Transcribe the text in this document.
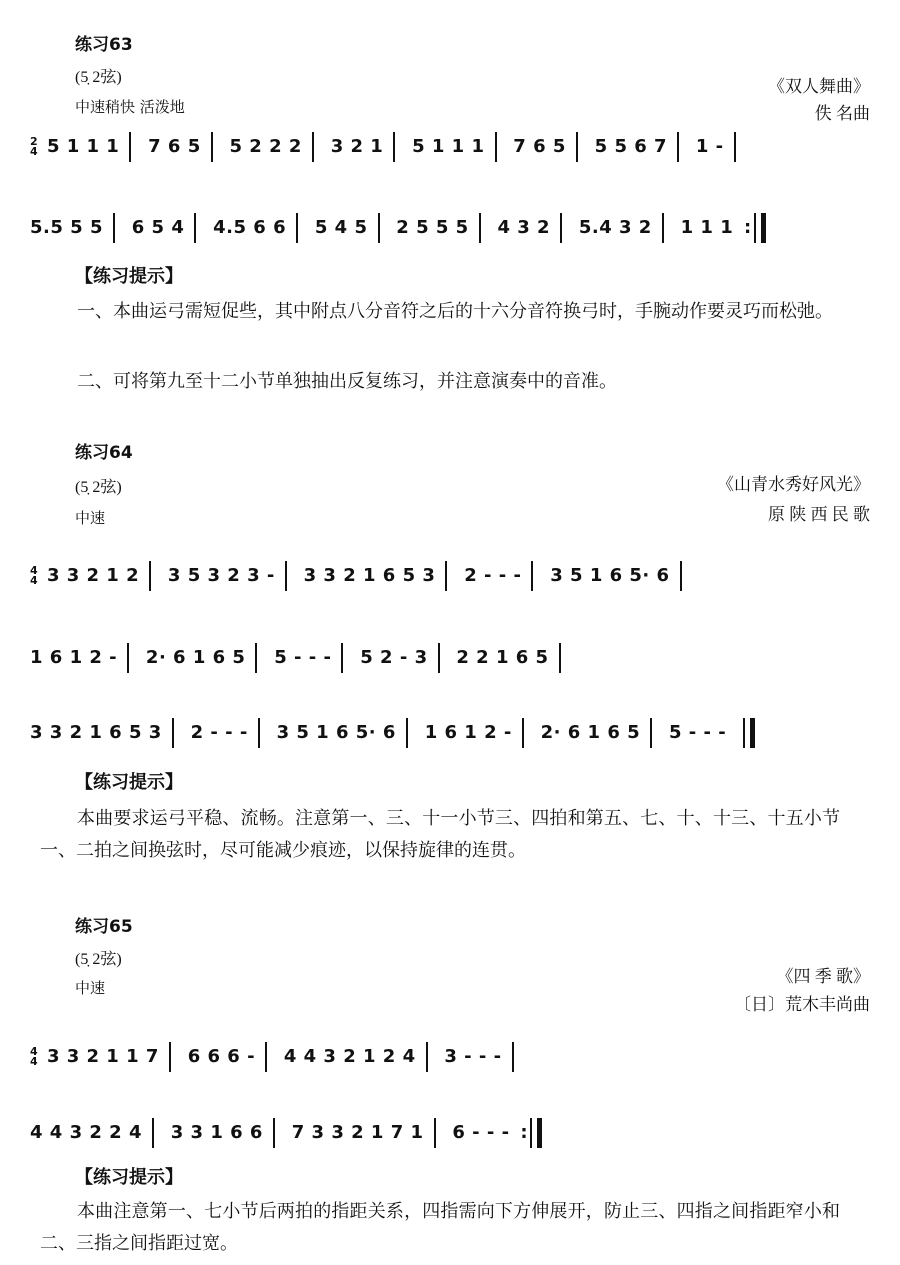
练习63
(5̣ 2弦)
中速稍快 活泼地
《双人舞曲》
佚 名曲
2
4 5 1 1 1 7 6 5 5 2 2 2 3 2 1 5 1 1 1 7 6 5 5 5 6 7 1 -
5.5 5 5 6 5 4 4.5 6 6 5 4 5 2 5 5 5 4 3 2 5.4 3 2 1 1 1 :
【练习提示】
一、本曲运弓需短促些，其中附点八分音符之后的十六分音符换弓时，手腕动作要灵巧而松弛。
二、可将第九至十二小节单独抽出反复练习，并注意演奏中的音准。
练习64
(5̣ 2弦)
中速
《山青水秀好风光》
原 陕 西 民 歌
4
4 3 3 2 1 2 3 5 3 2 3 - 3 3 2 1 6 5 3 2 - - - 3 5 1 6 5· 6
1 6 1 2 - 2· 6 1 6 5 5 - - - 5 2 - 3 2 2 1 6 5
3 3 2 1 6 5 3 2 - - - 3 5 1 6 5· 6 1 6 1 2 - 2· 6 1 6 5 5 - - -
【练习提示】
本曲要求运弓平稳、流畅。注意第一、三、十一小节三、四拍和第五、七、十、十三、十五小节一、二拍之间换弦时，尽可能减少痕迹，以保持旋律的连贯。
练习65
(5̣ 2弦)
中速
《四 季 歌》
〔日〕荒木丰尚曲
4
4 3 3 2 1 1 7 6 6 6 - 4 4 3 2 1 2 4 3 - - -
4 4 3 2 2 4 3 3 1 6 6 7 3 3 2 1 7 1 6 - - - :
【练习提示】
本曲注意第一、七小节后两拍的指距关系，四指需向下方伸展开，防止三、四指之间指距窄小和二、三指之间指距过宽。
